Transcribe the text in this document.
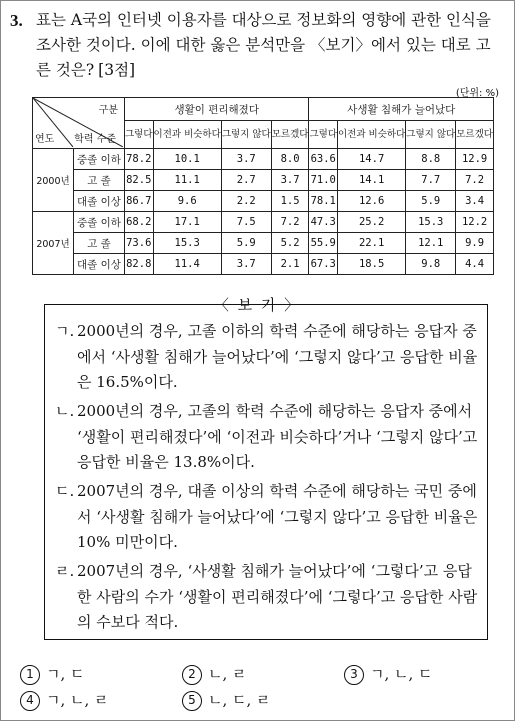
3. 표는 A국의 인터넷 이용자를 대상으로 정보화의 영향에 관한 인식을 조사한 것이다. 이에 대한 옳은 분석만을 〈보기〉에서 있는 대로 고른 것은? [3점]
(단위: %)
구분
연도 학력 수준		생활이 편리해졌다				사생활 침해가 늘어났다			
		그렇다	이전과 비슷하다	그렇지 않다	모르겠다	그렇다	이전과 비슷하다	그렇지 않다	모르겠다
2000년	중졸 이하	78.2	10.1	3.7	8.0	63.6	14.7	8.8	12.9
	고 졸	82.5	11.1	2.7	3.7	71.0	14.1	7.7	7.2
	대졸 이상	86.7	9.6	2.2	1.5	78.1	12.6	5.9	3.4
2007년	중졸 이하	68.2	17.1	7.5	7.2	47.3	25.2	15.3	12.2
	고 졸	73.6	15.3	5.9	5.2	55.9	22.1	12.1	9.9
	대졸 이상	82.8	11.4	3.7	2.1	67.3	18.5	9.8	4.4
〈 보 기 〉
ㄱ. 2000년의 경우, 고졸 이하의 학력 수준에 해당하는 응답자 중에서 ‘사생활 침해가 늘어났다’에 ‘그렇지 않다’고 응답한 비율은 16.5%이다.
ㄴ. 2000년의 경우, 고졸의 학력 수준에 해당하는 응답자 중에서 ‘생활이 편리해졌다’에 ‘이전과 비슷하다’거나 ‘그렇지 않다’고 응답한 비율은 13.8%이다.
ㄷ. 2007년의 경우, 대졸 이상의 학력 수준에 해당하는 국민 중에서 ‘사생활 침해가 늘어났다’에 ‘그렇지 않다’고 응답한 비율은 10% 미만이다.
ㄹ. 2007년의 경우, ‘사생활 침해가 늘어났다’에 ‘그렇다’고 응답한 사람의 수가 ‘생활이 편리해졌다’에 ‘그렇다’고 응답한 사람의 수보다 적다.
1 ㄱ, ㄷ	2 ㄴ, ㄹ	3 ㄱ, ㄴ, ㄷ
4 ㄱ, ㄴ, ㄹ	5 ㄴ, ㄷ, ㄹ
